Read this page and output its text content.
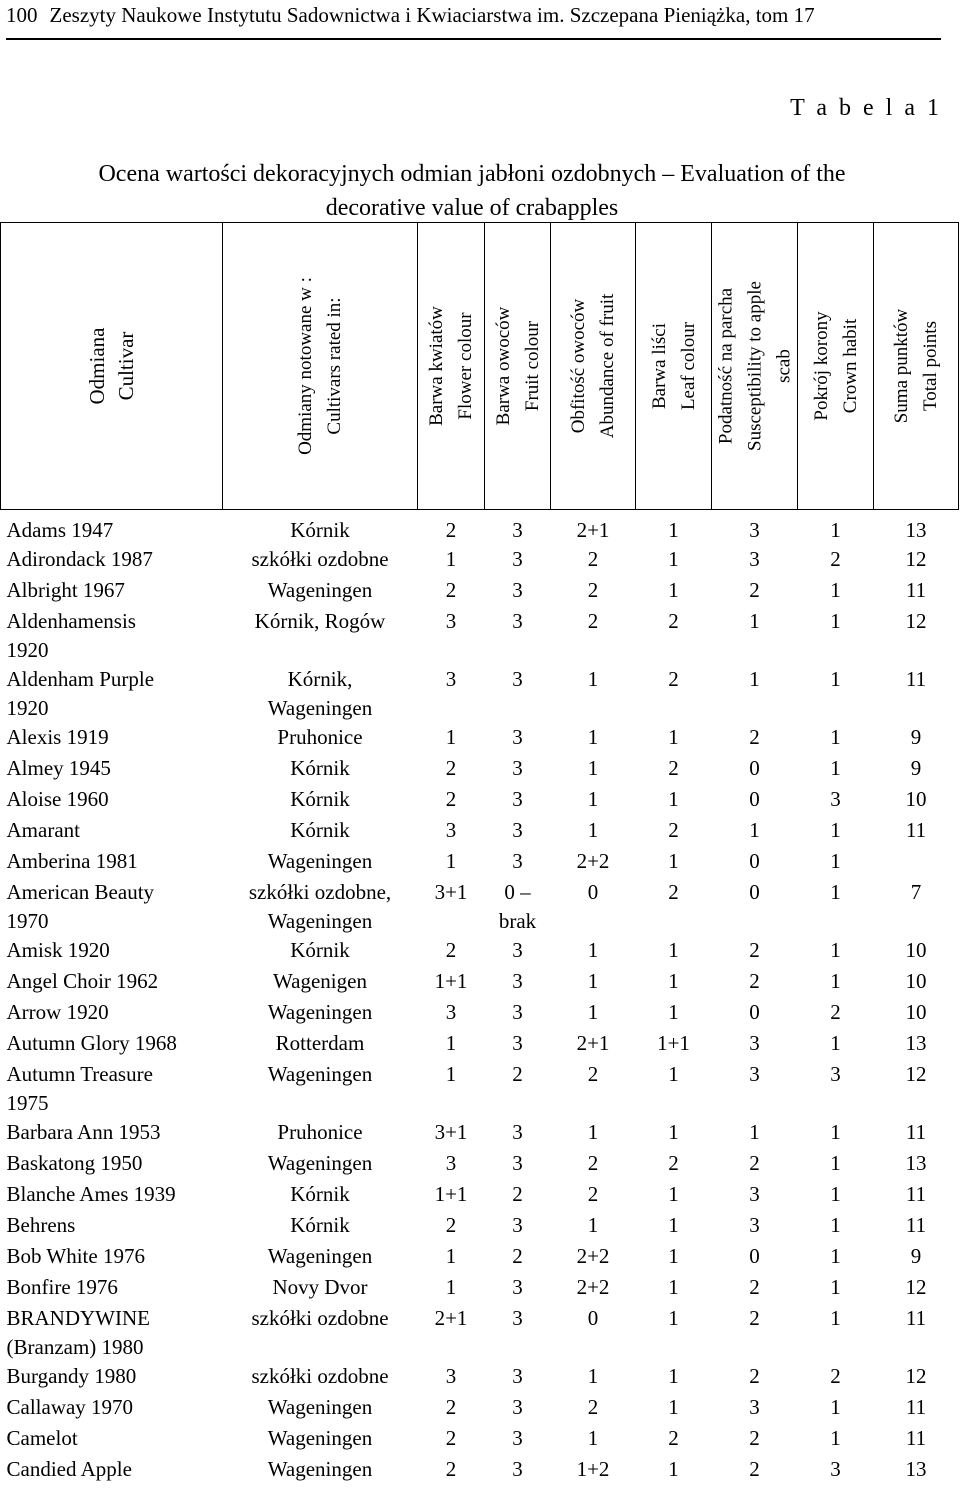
100 Zeszyty Naukowe Instytutu Sadownictwa i Kwiaciarstwa im. Szczepana Pieniążka, tom 17
T a b e l a 1
Ocena wartości dekoracyjnych odmian jabłoni ozdobnych – Evaluation of the
decorative value of crabapples
Odmiana Cultivar	Odmiany notowane w : Cultivars rated in:	Barwa kwiatów Flower colour	Barwa owoców Fruit colour	Obfitość owoców Abundance of fruit	Barwa liści Leaf colour	Podatność na parcha Susceptibility to apple scab	Pokrój korony Crown habit	Suma punktów Total points

Adams 1947	Kórnik	2	3	2+1	1	3	1	13

Adirondack 1987	szkółki ozdobne	1	3	2	1	3	2	12

Albright 1967	Wageningen	2	3	2	1	2	1	11

Aldenhamensis
1920	Kórnik, Rogów	3	3	2	2	1	1	12

Aldenham Purple
1920	Kórnik,
Wageningen	3	3	1	2	1	1	11

Alexis 1919	Pruhonice	1	3	1	1	2	1	9

Almey 1945	Kórnik	2	3	1	2	0	1	9

Aloise 1960	Kórnik	2	3	1	1	0	3	10

Amarant	Kórnik	3	3	1	2	1	1	11

Amberina 1981	Wageningen	1	3	2+2	1	0	1	

American Beauty
1970	szkółki ozdobne,
Wageningen	3+1	0 –
brak	0	2	0	1	7

Amisk 1920	Kórnik	2	3	1	1	2	1	10

Angel Choir 1962	Wagenigen	1+1	3	1	1	2	1	10

Arrow 1920	Wageningen	3	3	1	1	0	2	10

Autumn Glory 1968	Rotterdam	1	3	2+1	1+1	3	1	13

Autumn Treasure
1975	Wageningen	1	2	2	1	3	3	12

Barbara Ann 1953	Pruhonice	3+1	3	1	1	1	1	11

Baskatong 1950	Wageningen	3	3	2	2	2	1	13

Blanche Ames 1939	Kórnik	1+1	2	2	1	3	1	11

Behrens	Kórnik	2	3	1	1	3	1	11

Bob White 1976	Wageningen	1	2	2+2	1	0	1	9

Bonfire 1976	Novy Dvor	1	3	2+2	1	2	1	12

BRANDYWINE
(Branzam) 1980	szkółki ozdobne	2+1	3	0	1	2	1	11

Burgandy 1980	szkółki ozdobne	3	3	1	1	2	2	12

Callaway 1970	Wageningen	2	3	2	1	3	1	11

Camelot	Wageningen	2	3	1	2	2	1	11

Candied Apple	Wageningen	2	3	1+2	1	2	3	13
